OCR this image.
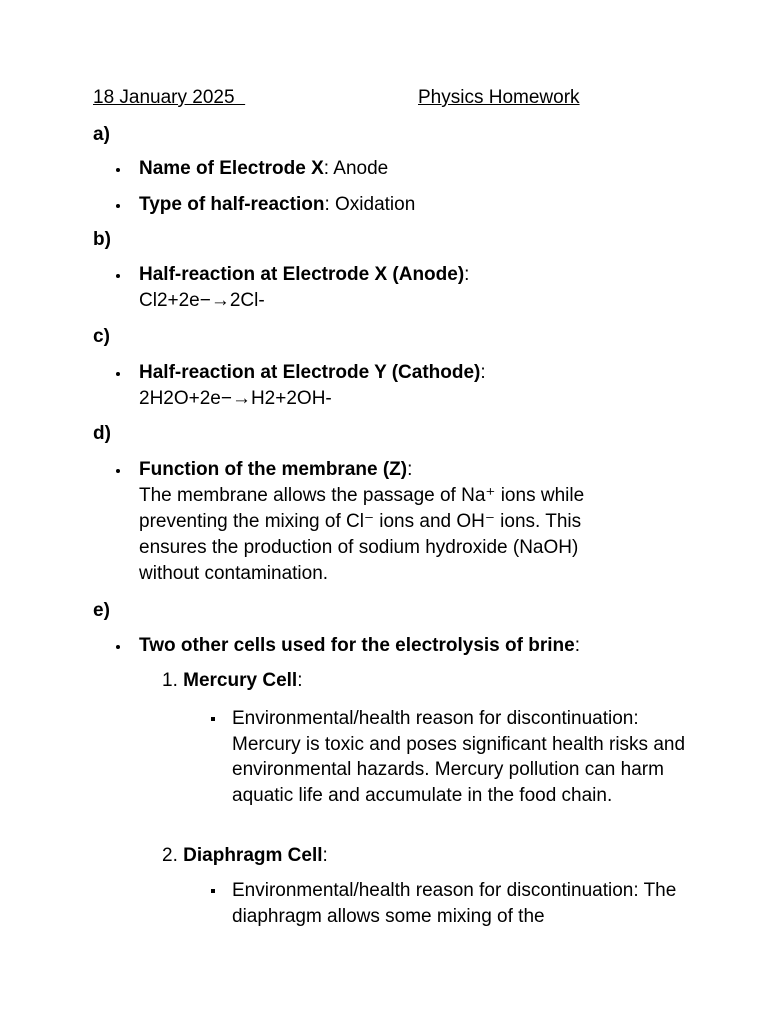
18 January 2025	Physics Homework
a)
Name of Electrode X: Anode
Type of half-reaction: Oxidation
b)
Half-reaction at Electrode X (Anode):
Cl2+2e−→2Cl-
c)
Half-reaction at Electrode Y (Cathode):
2H2O+2e−→H2+2OH-
d)
Function of the membrane (Z):
The membrane allows the passage of Na⁺ ions while preventing the mixing of Cl⁻ ions and OH⁻ ions. This ensures the production of sodium hydroxide (NaOH) without contamination.
e)
Two other cells used for the electrolysis of brine:
1. Mercury Cell:
Environmental/health reason for discontinuation: Mercury is toxic and poses significant health risks and environmental hazards. Mercury pollution can harm aquatic life and accumulate in the food chain.
2. Diaphragm Cell:
Environmental/health reason for discontinuation: The diaphragm allows some mixing of the
